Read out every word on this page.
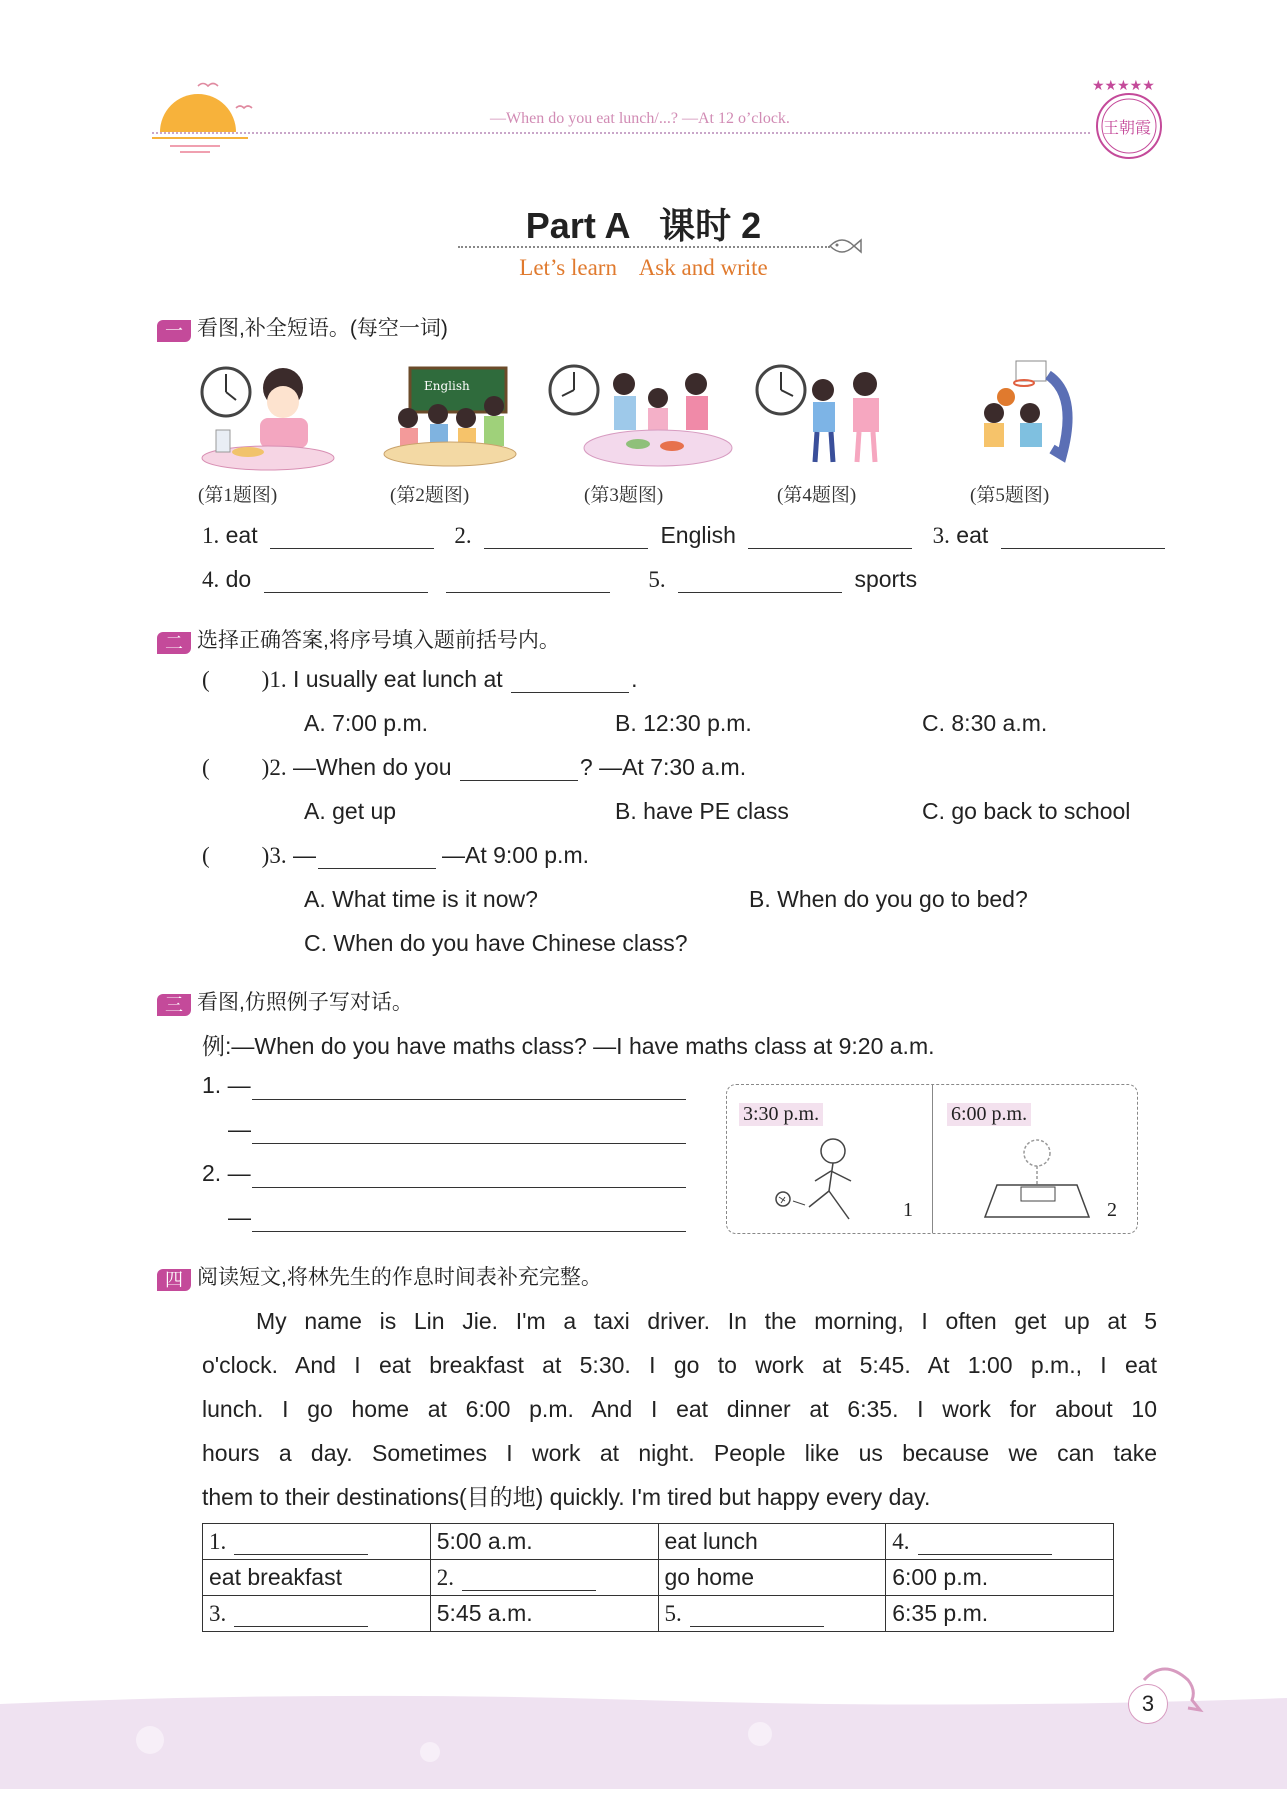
—When do you eat lunch/...? —At 12 o’clock.
★★★★★
王朝霞
Part A   课时 2
Let’s learn    Ask and write
一 看图,补全短语。(每空一词)
English
(第1题图)	(第2题图)	(第3题图)	(第4题图)	(第5题图)
1. eat	2.	English	3. eat
4. do	5.	sports
二 选择正确答案,将序号填入题前括号内。
( )1. I usually eat lunch at	.
A. 7:00 p.m.	B. 12:30 p.m.	C. 8:30 a.m.
( )2. —When do you	? —At 7:30 a.m.
A. get up	B. have PE class	C. go back to school
( )3. —	—At 9:00 p.m.
A. What time is it now?	B. When do you go to bed?
C. When do you have Chinese class?
三 看图,仿照例子写对话。
例:—When do you have maths class? —I have maths class at 9:20 a.m.
1. —
—
2. —
—
3:30 p.m.	6:00 p.m.
1	2
四 阅读短文,将林先生的作息时间表补充完整。
My name is Lin Jie. I'm a taxi driver. In the morning, I often get up at 5
o'clock. And I eat breakfast at 5:30. I go to work at 5:45. At 1:00 p.m., I eat
lunch. I go home at 6:00 p.m. And I eat dinner at 6:35. I work for about 10
hours a day. Sometimes I work at night. People like us because we can take
them to their destinations(目的地) quickly. I'm tired but happy every day.
1.	5:00 a.m.	eat lunch	4.
eat breakfast	2.	go home	6:00 p.m.
3.	5:45 a.m.	5.	6:35 p.m.
3
